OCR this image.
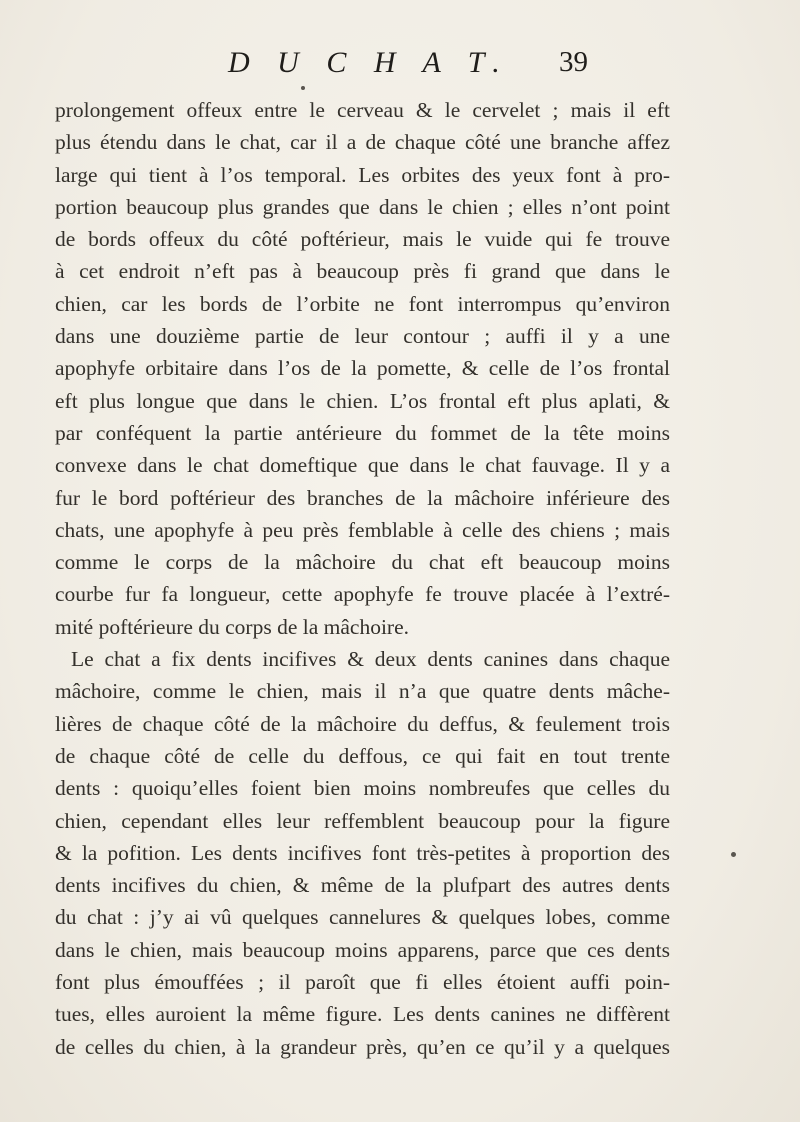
D U C H A T. 39
prolongement offeux entre le cerveau & le cervelet ; mais il eft
plus étendu dans le chat, car il a de chaque côté une branche affez
large qui tient à l’os temporal. Les orbites des yeux font à pro-
portion beaucoup plus grandes que dans le chien ; elles n’ont point
de bords offeux du côté poftérieur, mais le vuide qui fe trouve
à cet endroit n’eft pas à beaucoup près fi grand que dans le
chien, car les bords de l’orbite ne font interrompus qu’environ
dans une douzième partie de leur contour ; auffi il y a une
apophyfe orbitaire dans l’os de la pomette, & celle de l’os frontal
eft plus longue que dans le chien. L’os frontal eft plus aplati, &
par conféquent la partie antérieure du fommet de la tête moins
convexe dans le chat domeftique que dans le chat fauvage. Il y a
fur le bord poftérieur des branches de la mâchoire inférieure des
chats, une apophyfe à peu près femblable à celle des chiens ; mais
comme le corps de la mâchoire du chat eft beaucoup moins
courbe fur fa longueur, cette apophyfe fe trouve placée à l’extré-
mité poftérieure du corps de la mâchoire.
Le chat a fix dents incifives & deux dents canines dans chaque
mâchoire, comme le chien, mais il n’a que quatre dents mâche-
lières de chaque côté de la mâchoire du deffus, & feulement trois
de chaque côté de celle du deffous, ce qui fait en tout trente
dents : quoiqu’elles foient bien moins nombreufes que celles du
chien, cependant elles leur reffemblent beaucoup pour la figure
& la pofition. Les dents incifives font très-petites à proportion des
dents incifives du chien, & même de la plufpart des autres dents
du chat : j’y ai vû quelques cannelures & quelques lobes, comme
dans le chien, mais beaucoup moins apparens, parce que ces dents
font plus émouffées ; il paroît que fi elles étoient auffi poin-
tues, elles auroient la même figure. Les dents canines ne diffèrent
de celles du chien, à la grandeur près, qu’en ce qu’il y a quelques
